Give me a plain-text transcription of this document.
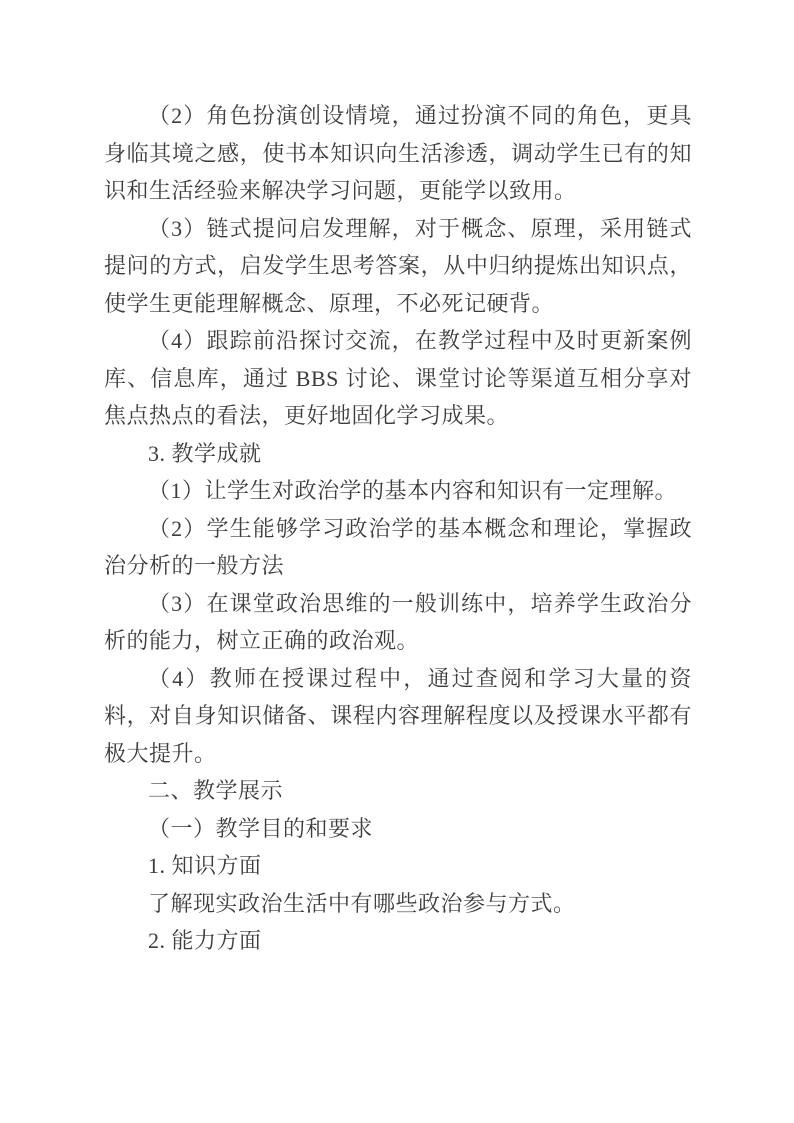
（2）角色扮演创设情境，通过扮演不同的角色，更具身临其境之感，使书本知识向生活渗透，调动学生已有的知识和生活经验来解决学习问题，更能学以致用。

（3）链式提问启发理解，对于概念、原理，采用链式提问的方式，启发学生思考答案，从中归纳提炼出知识点，使学生更能理解概念、原理，不必死记硬背。

（4）跟踪前沿探讨交流，在教学过程中及时更新案例库、信息库，通过 BBS 讨论、课堂讨论等渠道互相分享对焦点热点的看法，更好地固化学习成果。

3. 教学成就

（1）让学生对政治学的基本内容和知识有一定理解。

（2）学生能够学习政治学的基本概念和理论，掌握政治分析的一般方法

（3）在课堂政治思维的一般训练中，培养学生政治分析的能力，树立正确的政治观。

（4）教师在授课过程中，通过查阅和学习大量的资料，对自身知识储备、课程内容理解程度以及授课水平都有极大提升。

二、教学展示

（一）教学目的和要求

1. 知识方面

了解现实政治生活中有哪些政治参与方式。

2. 能力方面
